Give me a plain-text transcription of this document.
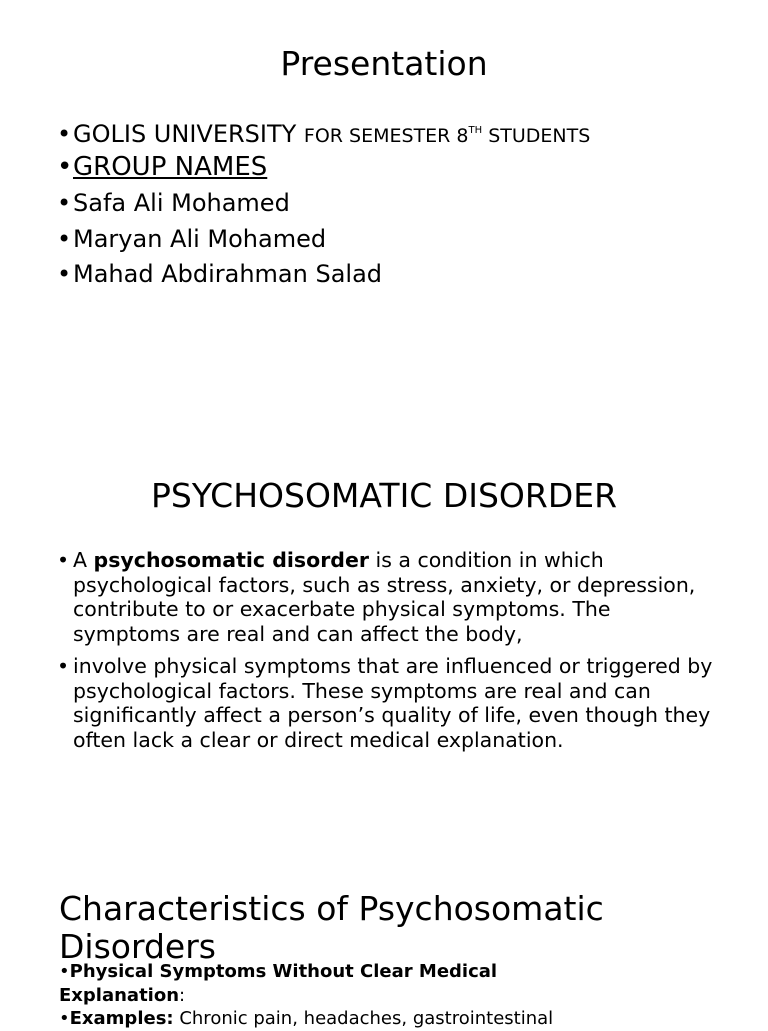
Presentation
• GOLIS UNIVERSITY FOR SEMESTER 8TH STUDENTS
• GROUP NAMES
• Safa Ali Mohamed
• Maryan Ali Mohamed
• Mahad Abdirahman Salad
PSYCHOSOMATIC DISORDER
• A psychosomatic disorder is a condition in which psychological factors, such as stress, anxiety, or depression, contribute to or exacerbate physical symptoms. The symptoms are real and can affect the body,
• involve physical symptoms that are influenced or triggered by psychological factors. These symptoms are real and can significantly affect a person’s quality of life, even though they often lack a clear or direct medical explanation.
Characteristics of Psychosomatic Disorders

•Physical Symptoms Without Clear Medical Explanation:

•Examples: Chronic pain, headaches, gastrointestinal
